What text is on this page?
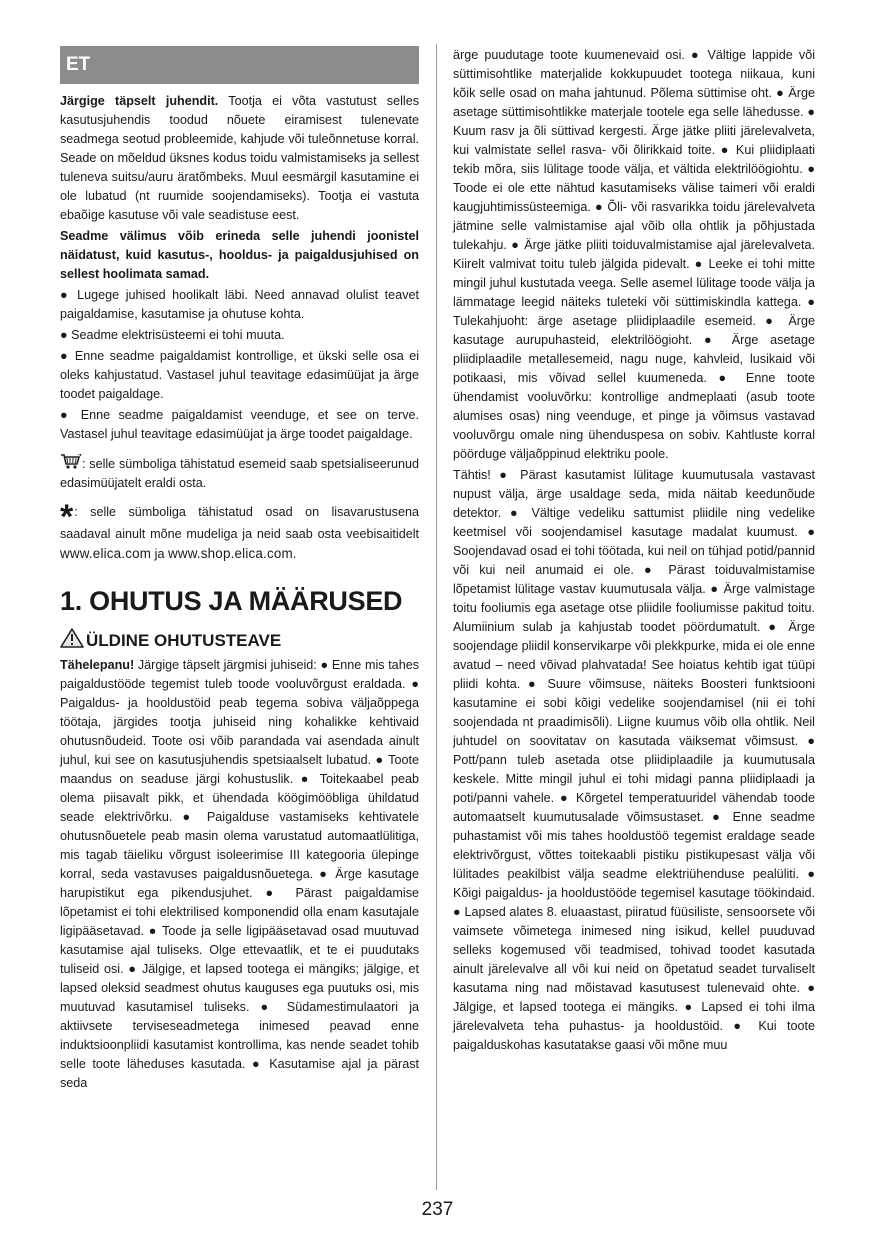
ET

Järgige täpselt juhendit. Tootja ei võta vastutust selles kasutusjuhendis toodud nõuete eiramisest tulenevate seadmega seotud probleemide, kahjude või tuleõnnetuse korral. Seade on mõeldud üksnes kodus toidu valmistamiseks ja sellest tuleneva suitsu/auru äratõmbeks. Muul eesmärgil kasutamine ei ole lubatud (nt ruumide soojendamiseks). Tootja ei vastuta ebaõige kasutuse või vale seadistuse eest.

Seadme välimus võib erineda selle juhendi joonistel näidatust, kuid kasutus-, hooldus- ja paigaldusjuhised on sellest hoolimata samad.

● Lugege juhised hoolikalt läbi. Need annavad olulist teavet paigaldamise, kasutamise ja ohutuse kohta.

● Seadme elektrisüsteemi ei tohi muuta.

● Enne seadme paigaldamist kontrollige, et ükski selle osa ei oleks kahjustatud. Vastasel juhul teavitage edasimüüjat ja ärge toodet paigaldage.

● Enne seadme paigaldamist veenduge, et see on terve. Vastasel juhul teavitage edasimüüjat ja ärge toodet paigaldage.

: selle sümboliga tähistatud esemeid saab spetsialiseerunud edasimüüjatelt eraldi osta.

*: selle sümboliga tähistatud osad on lisavarustusena saadaval ainult mõne mudeliga ja neid saab osta veebisaitidelt www.elica.com ja www.shop.elica.com.

1. OHUTUS JA MÄÄRUSED
ÜLDINE OHUTUSTEAVE

Tähelepanu! Järgige täpselt järgmisi juhiseid: ● Enne mis tahes paigaldustööde tegemist tuleb toode vooluvõrgust eraldada. ● Paigaldus- ja hooldustöid peab tegema sobiva väljaõppega töötaja, järgides tootja juhiseid ning kohalikke kehtivaid ohutusnõudeid. Toote osi võib parandada vai asendada ainult juhul, kui see on kasutusjuhendis spetsiaalselt lubatud. ● Toote maandus on seadusе järgi kohustuslik. ● Toitekaabel peab olema piisavalt pikk, et ühendada köögimööbliga ühildatud seade elektrivõrku. ● Paigalduse vastamiseks kehtivatele ohutusnõuetele peab masin olema varustatud automaatlülitiga, mis tagab täieliku võrgust isoleerimise III kategooria ülepinge korral, seda vastavuses paigaldusnõuetega. ● Ärge kasutage harupistikut ega pikendusjuhet. ● Pärast paigaldamise lõpetamist ei tohi elektrilised komponendid olla enam kasutajale ligipääsetavad. ● Toode ja selle ligipääsetavad osad muutuvad kasutamise ajal tuliseks. Olge ettevaatlik, et te ei puudutaks tuliseid osi. ● Jälgige, et lapsed tootega ei mängiks; jälgige, et lapsed oleksid seadmest ohutus kauguses ega puutuks osi, mis muutuvad kasutamisel tuliseks. ● Südamestimulaatori ja aktiivsete terviseseadmetega inimesed peavad enne induktsioonpliidi kasutamist kontrollima, kas nende seadet tohib selle toote läheduses kasutada. ● Kasutamise ajal ja pärast seda

ärge puudutage toote kuumenevaid osi. ● Vältige lappide või süttimisohtlike materjalide kokkupuudet tootega niikaua, kuni kõik selle osad on maha jahtunud. Põlema süttimise oht. ● Ärge asetage süttimisohtlikke materjale tootele ega selle lähedusse. ● Kuum rasv ja õli süttivad kergesti. Ärge jätke pliiti järelevalveta, kui valmistate sellel rasva- või õlirikkaid toite. ● Kui pliidiplaati tekib mõra, siis lülitage toode välja, et vältida elektrilöögiohtu. ● Toode ei ole ette nähtud kasutamiseks välise taimeri või eraldi kaugjuhtimissüsteemiga. ● Õli- või rasvarikka toidu järelevalveta jätmine selle valmistamise ajal võib olla ohtlik ja põhjustada tulekahju. ● Ärge jätke pliiti toiduvalmistamise ajal järelevalveta. Kiirelt valmivat toitu tuleb jälgida pidevalt. ● Leeke ei tohi mitte mingil juhul kustutada veega. Selle asemel lülitage toode välja ja lämmatage leegid näiteks tuleteki või süttimiskindla kattega. ● Tulekahjuoht: ärge asetage pliidiplaadile esemeid. ● Ärge kasutage aurupuhasteid, elektrilöögioht. ● Ärge asetage pliidiplaadile metallesemeid, nagu nuge, kahvleid, lusikaid või potikaasi, mis võivad sellel kuumeneda. ● Enne toote ühendamist vooluvõrku: kontrollige andmeplaati (asub toote alumises osas) ning veenduge, et pinge ja võimsus vastavad vooluvõrgu omale ning ühenduspesa on sobiv. Kahtluste korral pöörduge väljaõppinud elektriku poole.

Tähtis! ● Pärast kasutamist lülitage kuumutusala vastavast nupust välja, ärge usaldage seda, mida näitab keedunõude detektor. ● Vältige vedeliku sattumist pliidile ning vedelike keetmisel või soojendamisel kasutage madalat kuumust. ● Soojendavad osad ei tohi töötada, kui neil on tühjad potid/pannid või kui neil anumaid ei ole. ● Pärast toiduvalmistamise lõpetamist lülitage vastav kuumutusala välja. ● Ärge valmistage toitu fooliumis ega asetage otse pliidile fooliumisse pakitud toitu. Alumiinium sulab ja kahjustab toodet pöördumatult. ● Ärge soojendage pliidil konservikarpe või plekkpurke, mida ei ole enne avatud – need võivad plahvatada! See hoiatus kehtib igat tüüpi pliidi kohta. ● Suure võimsuse, näiteks Boosteri funktsiooni kasutamine ei sobi kõigi vedelike soojendamisel (nii ei tohi soojendada nt praadimisõli). Liigne kuumus võib olla ohtlik. Neil juhtudel on soovitatav on kasutada väiksemat võimsust. ● Pott/pann tuleb asetada otse pliidiplaadile ja kuumutusala keskele. Mitte mingil juhul ei tohi midagi panna pliidiplaadi ja poti/panni vahele. ● Kõrgetel temperatuuridel vähendab toode automaatselt kuumutusalade võimsustaset. ● Enne seadme puhastamist või mis tahes hooldustöö tegemist eraldage seade elektrivõrgust, võttes toitekaabli pistiku pistikupesast välja või lülitades peakilbist välja seadme elektriühenduse pealüliti. ● Kõigi paigaldus- ja hooldustööde tegemisel kasutage töökindaid. ● Lapsed alates 8. eluaastast, piiratud füüsiliste, sensoorsete või vaimsete võimetega inimesed ning isikud, kellel puuduvad selleks kogemused või teadmised, tohivad toodet kasutada ainult järelevalve all või kui neid on õpetatud seadet turvaliselt kasutama ning nad mõistavad kasutusest tulenevaid ohte. ● Jälgige, et lapsed tootega ei mängiks. ● Lapsed ei tohi ilma järelevalveta teha puhastus- ja hooldustöid. ● Kui toote paigalduskohas kasutatakse gaasi või mõne muu

237
